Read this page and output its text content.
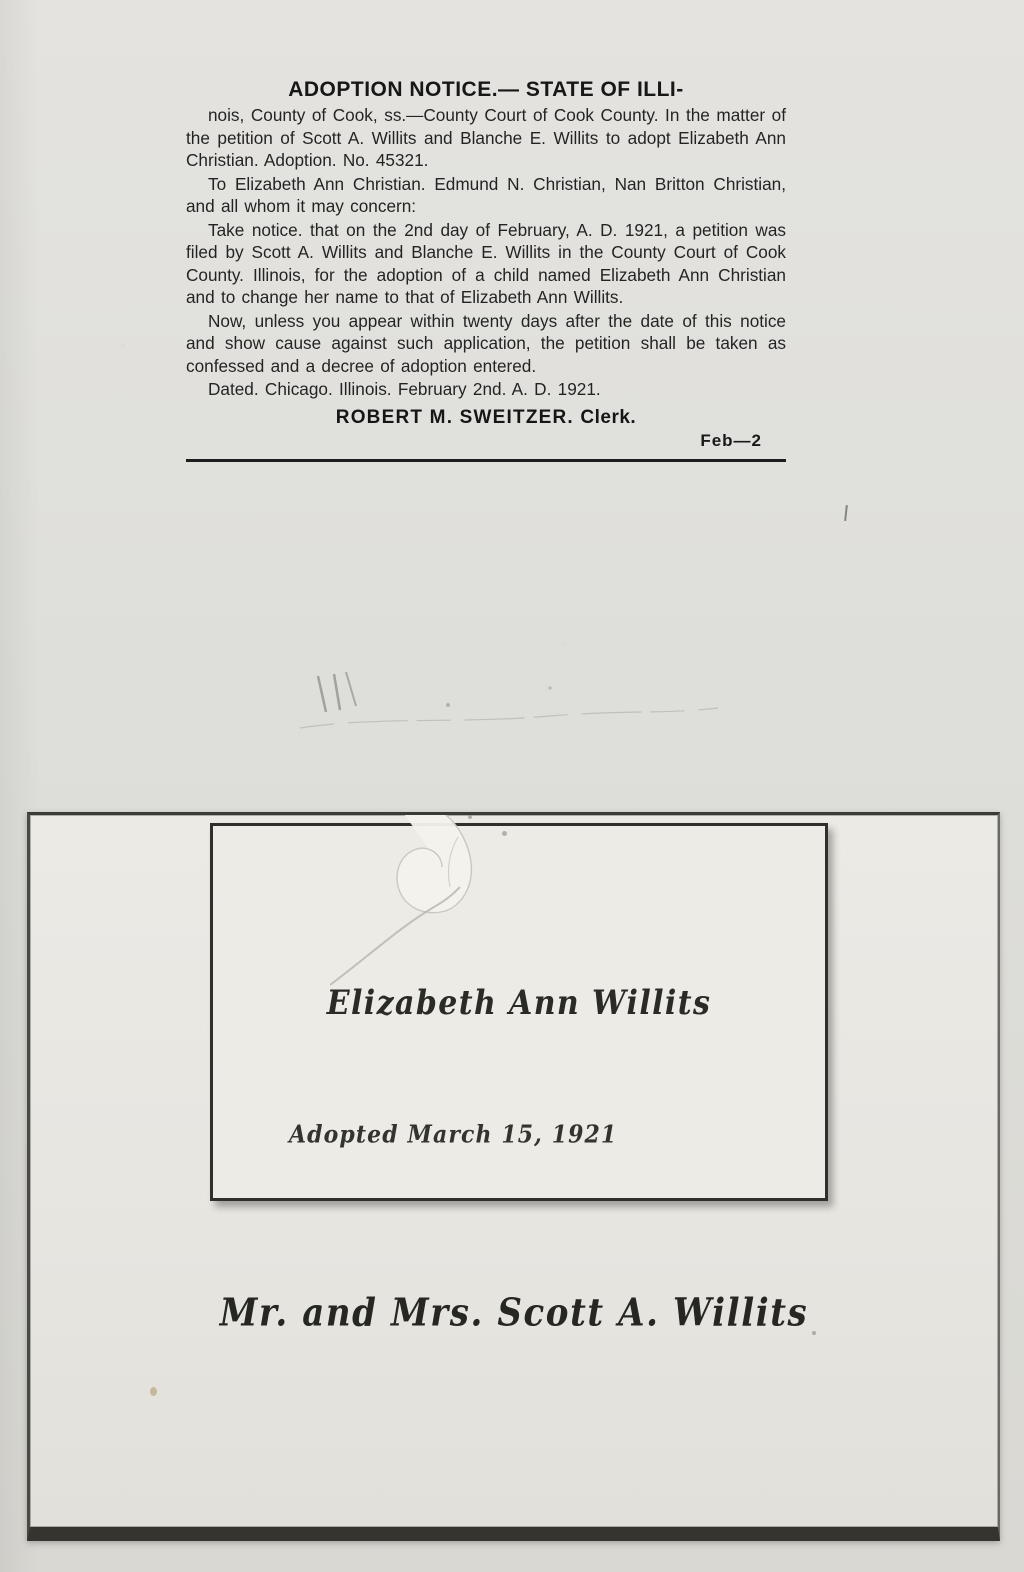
ADOPTION NOTICE.— STATE OF ILLI-

nois, County of Cook, ss.—County Court of Cook County. In the matter of the petition of Scott A. Willits and Blanche E. Willits to adopt Elizabeth Ann Christian. Adoption. No. 45321.

To Elizabeth Ann Christian. Edmund N. Christian, Nan Britton Christian, and all whom it may concern:

Take notice. that on the 2nd day of February, A. D. 1921, a petition was filed by Scott A. Willits and Blanche E. Willits in the County Court of Cook County. Illinois, for the adoption of a child named Elizabeth Ann Christian and to change her name to that of Elizabeth Ann Willits.

Now, unless you appear within twenty days after the date of this notice and show cause against such application, the petition shall be taken as confessed and a decree of adoption entered.

Dated. Chicago. Illinois. February 2nd. A. D. 1921.

ROBERT M. SWEITZER. Clerk.
Feb—2
Elizabeth Ann Willits
Adopted March 15, 1921
Mr. and Mrs. Scott A. Willits
